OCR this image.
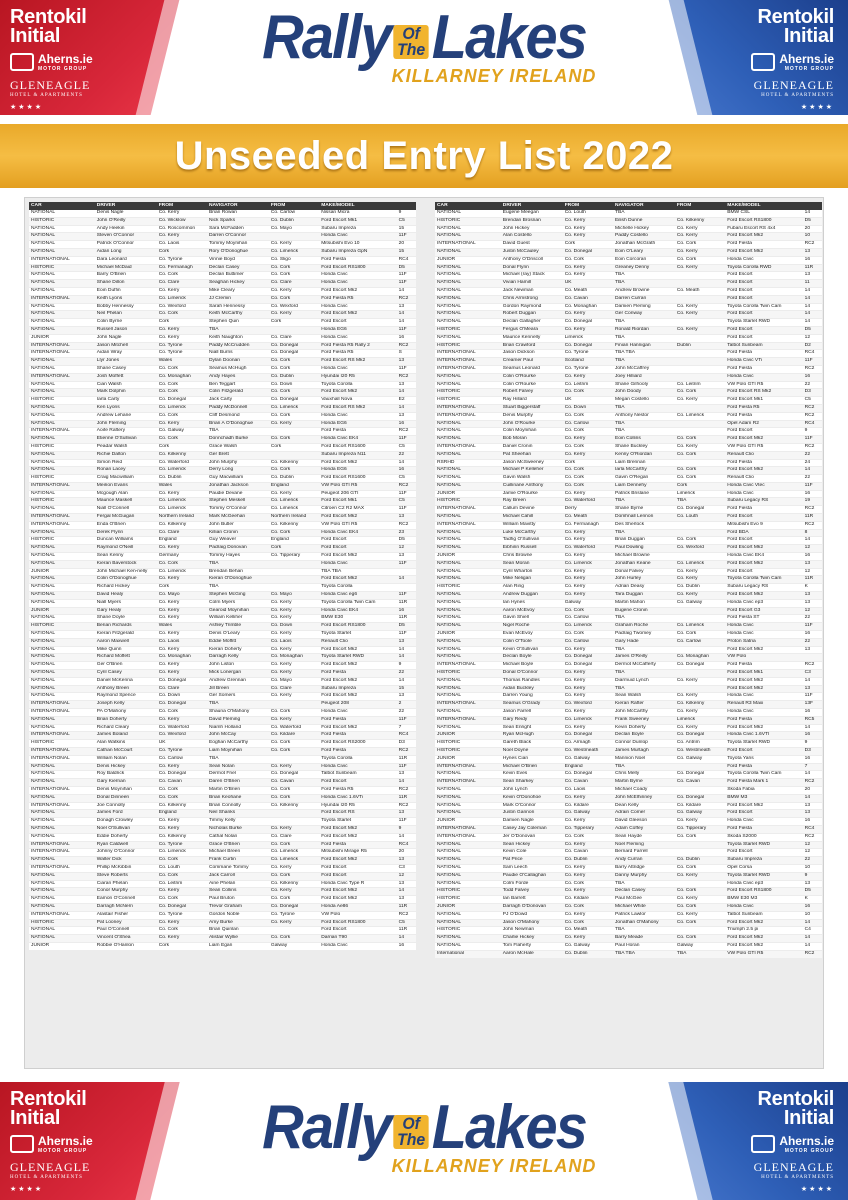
Rentokil
Initial
Aherns.ie
MOTOR GROUP
GLENEAGLE
HOTEL & APARTMENTS
★★★★
Rentokil
Initial
Aherns.ie
MOTOR GROUP
GLENEAGLE
HOTEL & APARTMENTS
★★★★
Rally Of
The Lakes
KILLARNEY IRELAND
Unseeded Entry List 2022
CAR	DRIVER	FROM	NAVIGATOR	FROM	MAKE/MODEL	
NATIONAL	Denis Nagle	Co. Kerry	Brian Rowan	Co. Carlow	Nissan Micra	9
HISTORIC	John O'Reilly	Co. Wicklow	Nick Sparks	Co. Dublin	Ford Escort Mk1	C5
NATIONAL	Andy Heekin	Co. Roscommon	Sara McFadden	Co. Mayo	Subaru Impreza	15
NATIONAL	Steven O'Connor	Co. Kerry	Darren O'Connor		Honda Civic	11F
NATIONAL	Patrick O'Connor	Co. Laois	Tommy Moynihan	Co. Kerry	Mitsubishi Evo 10	20
NATIONAL	Aidan Long	Cork	Rory O'Donoghue	Co. Limerick	Subaru Impreza GpN	15
INTERNATIONAL	Dara Leonard	Co. Tyrone	Vinnie Boyd	Co. Sligo	Ford Fiesta	RC4
HISTORIC	Michael McDaid	Co. Fermanagh	Declan Casey	Co. Cork	Ford Escort RS1800	D5
NATIONAL	Barry O'Brien	Co. Cork	Declan Buttimer	Co. Cork	Honda Civic	11F
NATIONAL	Shane Dillon	Co. Clare	Seaghán Hickey	Co. Clare	Honda Civic	11F
NATIONAL	Eoin Duffin	Co. Kerry	Mike Cleary	Co. Kerry	Ford Escort Mk2	14
INTERNATIONAL	Keith Lyons	Co. Limerick	JJ Cremin	Co. Cork	Ford Fiesta R5	RC2
NATIONAL	Bobby Hennessy	Co. Wexford	Sarah Hennessy	Co. Wexford	Honda Civic	13
NATIONAL	Neil Phelan	Co. Cork	Keith McCarthy	Co. Kerry	Ford Escort Mk2	14
NATIONAL	Colin Byrne	Cork	Stephen Quin	Cork	Ford Escort	14
NATIONAL	Russell Jason	Co. Kerry	TBA		Honda EG6	11F
JUNIOR	John Nagle	Co. Kerry	Keith Naughton	Co. Clare	Honda Civic	16
INTERNATIONAL	Jason Mitchell	Co. Tyrone	Paddy McCrudden	Co. Donegal	Ford Fiesta R5 Rally 2	RC2
INTERNATIONAL	Aidan Wray	Co. Tyrone	Niall Burns	Co. Donegal	Ford Fiesta R5	S
NATIONAL	Llyr Jones	Wales	Dylan Doonan	Co. Cork	Ford Escort RS Mk2	13
NATIONAL	Shane Casey	Co. Cork	Séamus McHugh	Co. Cork	Honda Civic	11F
INTERNATIONAL	Josh Moffett	Co. Monaghan	Andy Hayes	Co. Dublin	Hyundai I20 R5	RC2
NATIONAL	Cian Walsh	Co. Cork	Ben Teggart	Co. Down	Toyota Corolla	13
NATIONAL	Mark Dolphin	Co. Cork	Colin Fitzgerald	Co. Cork	Ford Escort Mk2	14
HISTORIC	Iarla Carty	Co. Donegal	Jack Carty	Co. Donegal	Vauxhall Nova	E2
NATIONAL	Ken Lyons	Co. Limerick	Paddy McDonnell	Co. Limerick	Ford Escort RS Mk2	14
NATIONAL	Andrew Lehane	Co. Cork	Cliff Desmond	Co. Cork	Honda Civic	13
NATIONAL	John Fleming	Co. Kerry	Brian A O'Donoghue	Co. Kerry	Honda EG6	16
INTERNATIONAL	Aoife Raftery	Co. Galway	TBA		Ford Fiesta	RC2
NATIONAL	Etienne O'Sullivan	Co. Cork	Donnchadh Burke	Co. Cork	Honda Civic EK4	11F
HISTORIC	Peadar Walsh	Cork	Grace Walsh	Cork	Ford Escort RS1600	C5
NATIONAL	Richie Dalton	Co. Kilkenny	Ger Brett		Subaru Impreza N11	22
NATIONAL	Simon Reid	Co. Waterford	John Murphy	Co. Kilkenny	Ford Escort Mk2	14
NATIONAL	Ronan Lacey	Co. Limerick	Derry Long	Co. Cork	Honda EG6	16
HISTORIC	Craig Macwilliam	Co. Dublin	Guy Macwilliam	Co. Dublin	Ford Escort RS1600	C5
INTERNATIONAL	Meirion Evans	Wales	Jonathan Jackson	England	VW Polo GTI R5	RC2
NATIONAL	Mcgough Alan	Co. Kerry	Paudie Devane	Co. Kerry	Peugeot 206 GTI	11F
HISTORIC	Maurice Maskell	Co. Limerick	Stephen Meskell	Co. Limerick	Ford Escort Mk1	C5
NATIONAL	Niall O'Connell	Co. Limerick	Tommy O'Connor	Co. Limerick	Citroen C2 R2 MAX	11F
INTERNATIONAL	Fergal McGuigan	Northern Ireland	Mark McGeehan	Northern Ireland	Ford Escort Mk2	13
INTERNATIONAL	Enda O'Brien	Co. Kilkenny	John Butler	Co. Kilkenny	VW Polo GTI R5	RC2
NATIONAL	Derek Flynn	Co. Clare	Killian Cronin	Co. Cork	Honda Civic EK4	23
HISTORIC	Duncan Williams	England	Guy Weaver	England	Ford Escort	D5
NATIONAL	Raymond O'Neill	Co. Kerry	Padraig Donovan	Cork	Ford Escort	12
NATIONAL	Sean Kenny	Germany	Tommy Hayes	Co. Tipperary	Ford Escort Mk2	13
NATIONAL	Kieran Baverstock	Co. Cork	TBA		Honda Civic	11F
JUNIOR	John Michael Ken-nelly	Co. Limerick	Brendan Behan		TBA TBA	
NATIONAL	Colin O'Donoghue	Co. Kerry	Kieran O'Donoghue		Ford Escort Mk2	14
NATIONAL	Richard Hickey	Cork	TBA		Toyota Corolla	
NATIONAL	David Healy	Co. Mayo	Stephen McGing	Co. Mayo	Honda Civic eg6	11F
NATIONAL	Niall Myers	Co. Kerry	Colm Myers	Co. Kerry	Toyota Corolla Twin Cam	11R
JUNIOR	Gary Healy	Co. Kerry	Gearoid Moynihan	Co. Kerry	Honda Civic EK4	16
NATIONAL	Shane Doyle	Co. Kerry	William Kelliher	Co. Kerry	BMW E30	11R
HISTORIC	Berian Richards	Wales	Ashley Trimble	Co. Down	Ford Escort RS1800	D5
NATIONAL	Kieran Fitzgerald	Co. Kerry	Denis O'Leary	Co. Kerry	Toyota Starlet	11F
NATIONAL	Aaron Maxwell	Co. Laois	Eddie Moffitt	Co. Laois	Renault Clio	13
NATIONAL	Mike Quinn	Co. Kerry	Kieran Doherty	Co. Kerry	Ford Escort Mk2	14
NATIONAL	Richard Moffett	Co. Monaghan	Darragh Kelly	Co. Monaghan	Toyota Starlet RWD	14
NATIONAL	Ger O'Brien	Co. Kerry	John Liston	Co. Kerry	Ford Escort Mk2	9
NATIONAL	Cyril Casey	Co. Kerry	Mick Lonergan	Co. Kerry	Ford Fiesta	22
NATIONAL	Daniel McKenna	Co. Donegal	Andrew Grennan	Co. Mayo	Ford Escort Mk2	14
NATIONAL	Anthony Breen	Co. Clare	Jill Breen	Co. Clare	Subaru Impreza	15
NATIONAL	Raymond Spence	Co. Down	Ger Somers	Co. Kerry	Ford Escort Mk2	13
INTERNATIONAL	Joseph Kelly	Co. Donegal	TBA		Peugeot 208	2
INTERNATIONAL	PA O'Mahony	Co. Cork	Shauna O'Mahony	Co. Cork	Honda Civic	22
NATIONAL	Brian Doherty	Co. Kerry	David Fleming	Co. Kerry	Ford Fiesta	11F
NATIONAL	Richard Cleary	Co. Waterford	Niamh Holland	Co. Waterford	Ford Escort Mk2	7
INTERNATIONAL	James Boland	Co. Wexford	John McCay	Co. Kildare	Ford Fiesta	RC4
HISTORIC	Alan Watkins	UK	Eoghan McCarthy	Co. Cork	Ford Escort RS2000	D3
INTERNATIONAL	Cathan McCourt	Co. Tyrone	Liam Moynihan	Co. Cork	Ford Fiesta	RC2
INTERNATIONAL	William Nolan	Co. Carlow	TBA		Toyota Corolla	11R
NATIONAL	Denis Hickey	Co. Kerry	Sean Nolan	Co. Kerry	Honda Civic	11F
NATIONAL	Roy Baldrick	Co. Donegal	Dermot Friel	Co. Donegal	Talbot Sunbeam	13
NATIONAL	Gary Kiernan	Co. Cavan	Daren O'Brien	Co. Cavan	Ford Escort	14
INTERNATIONAL	Denis Moynihan	Co. Cork	Martin O'Brien	Co. Cork	Ford Fiesta R5	RC2
NATIONAL	Donal Dinneen	Co. Cork	Brian Keohane	Co. Cork	Honda Civic 1.6VTi	11R
INTERNATIONAL	Joe Connolly	Co. Kilkenny	Brian Connolly	Co. Kilkenny	Hyundai I20 R5	RC2
NATIONAL	James Ford	England	Neil Shanks		Ford Escort RS	13
NATIONAL	Donagh Crowley	Co. Kerry	Timmy Kelly		Toyota Starlet	11F
NATIONAL	Noel O'Sullivan	Co. Kerry	Nicholas Burke	Co. Kerry	Ford Escort Mk2	9
NATIONAL	Eddie Doherty	Co. Kilkenny	Cathal Nolan	Co. Clare	Ford Escort Mk2	14
INTERNATIONAL	Ryan Caldwell	Co. Tyrone	Grace O'Brien	Co. Cork	Ford Fiesta	RC4
INTERNATIONAL	Johnny O'Connor	Co. Limerick	Michael Breen	Co. Limerick	Mitsubishi Mirage R5	20
NATIONAL	Walter Dick	Co. Cork	Frank Curtin	Co. Limerick	Ford Escort Mk2	13
INTERNATIONAL	Phillip McKibbin	Co. Louth	Commane Tommy	Co. Kerry	Ford Escort	C3
NATIONAL	Steve Roberts	Co. Cork	Jack Carroll	Co. Cork	Ford Escort	12
NATIONAL	Ciaran Phelan	Co. Leitrim	Aine Phelan	Co. Kilkenny	Honda Civic Type R	13
NATIONAL	Conor Murphy	Co. Kerry	Sean Collins	Co. Kerry	Ford Escort Mk2	14
NATIONAL	Eamon O'Connell	Co. Cork	Paul Bruton	Co. Cork	Ford Escort Mk2	13
NATIONAL	Darragh McNern	Co. Donegal	Trevor Graham	Co. Donegal	Honda Ae86	11R
INTERNATIONAL	Alastair Fisher	Co. Tyrone	Gordon Noble	Co. Tyrone	VW Polo	RC2
HISTORIC	Pat Looney	Co. Kerry	Amy Burke	Co. Kerry	Ford Escort RS1800	C5
NATIONAL	Paul O'Connell	Co. Cork	Brian Quinlan		Ford Escort	11R
NATIONAL	Vincent O'Shea	Co. Kerry	Alistair Wyllie	Co. Cork	Darrian T90	14
JUNIOR	Robbie O'Hanlon	Cork	Liam Egan	Galway	Honda Civic	16
CAR	DRIVER	FROM	NAVIGATOR	FROM	MAKE/MODEL	
NATIONAL	Eugene Meegan	Co. Louth	TBA		BMW CSL	14
HISTORIC	Brendan Brosnan	Co. Kerry	Eilish Dunne	Co. Kilkenny	Ford Escort RS1800	D5
NATIONAL	John Hickey	Co. Kerry	Michelle Hickey	Co. Kerry	Fubaru Escort RS 4x4	20
NATIONAL	Alan Costello	Co. Kerry	Paddy Costello	Co. Kerry	Ford Escort Mk2	10
INTERNATIONAL	David Guest	Cork	Jonathan McGrath	Co. Cork	Ford Fiesta	RC2
NATIONAL	Justin McCauley	Co. Donegal	Eoin O'Leary	Co. Kerry	Ford Escort Mk2	13
JUNIOR	Anthony O'Driscoll	Co. Cork	Eoin Corcoran	Co. Cork	Honda Civic	16
NATIONAL	Donal Flynn	Co. Kerry	Greaney Denny	Co. Kerry	Toyota Corolla RWD	11R
NATIONAL	Michael (ray) Stack	Co. Kerry	TBA		Ford Escort	13
NATIONAL	Vivian Hamill	UK	TBA		Ford Escort	11
NATIONAL	Jack Newman	Co. Meath	Andrew Browne	Co. Meath	Ford Escort	14
NATIONAL	Chris Armstrong	Co. Cavan	Darren Curran		Ford Escort	14
NATIONAL	Gordon Raymond	Co. Monaghan	Damien Fleming	Co. Kerry	Toyota Corolla Twin Cam	14
NATIONAL	Robert Duggan	Co. Kerry	Ger Conway	Co. Kerry	Ford Escort	14
NATIONAL	Declan Gallagher	Co. Donegal	TBA		Toyota Starlet RWD	14
HISTORIC	Fergus O'Meara	Co. Kerry	Ronald Riordan	Co. Kerry	Ford Escort	D5
NATIONAL	Maurice Kennelly	Limerick	TBA		Ford Escort	12
HISTORIC	Brian Crawford	Co. Donegal	Finian Hannigan	Dublin	Talbot Sunbeam	D2
INTERNATIONAL	Jason Dickson	Co. Tyrone	TBA TBA		Ford Fiesta	RC4
INTERNATIONAL	Creamer Paul	Scotland	TBA		Honda Civic VTi	11F
INTERNATIONAL	Seamus Leonard	Co. Tyrone	John McCaffrey		Ford Fiesta	RC2
NATIONAL	Colin O'Rourke	Co. Kerry	Joey Hilliard		Honda Civic	16
NATIONAL	Colin O'Rourke	Co. Leitrim	Shane Gilhooly	Co. Leitrim	VW Polo GTI R5	22
HISTORIC	Robert Falvey	Co. Cork	John Doody	Co. Cork	Ford Escort RS Mk2	D3
HISTORIC	Ray Hillard	UK	Megan Costello	Co. Kerry	Ford Escort Mk1	C5
INTERNATIONAL	Stuart Biggerstaff	Co. Down	TBA		Ford Fiesta R5	RC2
INTERNATIONAL	Denis Murphy	Co. Cork	Anthony Nestor	Co. Limerick	Ford Fiesta	RC2
NATIONAL	John O'Rourke	Co. Carlow	TBA		Opel Adam R2	RC4
NATIONAL	Colin Moynihan	Co. Cork	TBA		Ford Escort	9
NATIONAL	Bob Moran	Co. Kerry	Eoin Collins	Co. Cork	Ford Escort Mk2	11F
INTERNATIONAL	Daniel Cronin	Co. Cork	Shane Buckley	Co. Kerry	VW Polo GTI R5	RC2
NATIONAL	Pat Sheehan	Co. Kerry	Kenny O'Riordan	Co. Cork	Renault Clio	22
RSRHD	Jason McSweeney	Cork	Liam Brennan		Ford Fiesta	24
NATIONAL	Michael P Kelleher	Co. Cork	Iarla McCarthy	Co. Cork	Ford Escort Mk2	14
NATIONAL	Gavin Walsh	Co. Cork	Gavin O'Regan	Co. Cork	Renault Clio	22
NATIONAL	Cuillinane Anthony	Co. Cork	Liam Dennehy	Cork	Honda Civic Vtec	11F
JUNIOR	Jamie O'Rourke	Co. Kerry	Patrick Brislane	Limerick	Honda Civic	16
HISTORIC	Ray Breen	Co. Waterford	TBA	TBA	Subaru Legacy RS	19
INTERNATIONAL	Callum Devine	Derry	Shane Byrne	Co. Donegal	Ford Fiesta	RC2
NATIONAL	Michael Cahill	Co. Meath	Domhnall Lennon	Co. Louth	Ford Escort	11R
INTERNATIONAL	William Mavitty	Co. Fermanagh	Des Sherlock		Mitsubishi Evo 9	RC2
NATIONAL	Luke McCarthy	Co. Kerry	TBA		Ford BDA	8
NATIONAL	Tadhg O'Sullivan	Co. Kerry	Brian Duggan	Co. Cork	Ford Escort	14
NATIONAL	Eibhinn Russell	Co. Waterford	Paul Dowling	Co. Wexford	Ford Escort Mk2	12
JUNIOR	Chris Browne	Co. Kerry	Michael Browne		Honda Civic EK4	16
NATIONAL	Sean Moran	Co. Limerick	Jonathan Keane	Co. Limerick	Ford Escort Mk2	13
NATIONAL	Cyril Wharton	Co. Kerry	Donal Falvey	Co. Kerry	Ford Escort	12
NATIONAL	Mike Neligan	Co. Kerry	John Hurley	Co. Kerry	Toyota Corolla Twin Cam	11R
HISTORIC	Alan Ring	Co. Kerry	Adrian Deasy	Co. Dublin	Subaru Legacy RS	K
NATIONAL	Andrew Duggan	Co. Kerry	Tara Duggan	Co. Kerry	Ford Escort Mk2	13
NATIONAL	Ian Hynes	Galway	Martin Mahon	Co. Galway	Honda Civic ep3	13
NATIONAL	Aaron McEvoy	Co. Cork	Eugene Cronin		Ford Escort G3	12
NATIONAL	Gavin Shiell	Co. Carlow	TBA		Ford Fiesta ST	22
NATIONAL	Nigel Roche	Co. Limerick	Graham Roche	Co. Limerick	Honda Civic	11F
JUNIOR	Evan McEvoy	Co. Cork	Padraig Twomey	Co. Cork	Honda Civic	16
NATIONAL	Colin O'Toole	Co. Carlow	Gary Hade	Co. Carlow	Proton Satria	22
NATIONAL	Kevin O'Sullivan	Co. Kerry	TBA		Ford Escort Mk2	13
NATIONAL	Declan Boyle	Co. Donegal	James O'Reilly	Co. Monaghan	VW Polo	
INTERNATIONAL	Michael Boyle	Co. Donegal	Dermot McCafferty	Co. Donegal	Ford Fiesta	RC2
HISTORIC	Donal O'Connor	Co. Kerry	TBA		Ford Escort Mk1	C3
NATIONAL	Thomas Randles	Co. Kerry	Diarmuid Lynch	Co. Kerry	Ford Escort Mk2	14
NATIONAL	Aidan Buckley	Co. Kerry	TBA		Ford Escort Mk2	13
NATIONAL	Darren Young	Co. Kerry	Sean Walsh	Co. Kerry	Honda Civic	11F
INTERNATIONAL	Seamus O'Grady	Co. Wexford	Kieran Rafter	Co. Kilkenny	Renault R3 Maxi	13F
NATIONAL	Jason Farrell	Co. Kerry	John McCarthy	Co. Kerry	Honda Civic	16
INTERNATIONAL	Gary Reidy	Co. Limerick	Frank Sweeney	Limerick	Ford Fiesta	RC5
NATIONAL	Sean Enright	Co. Kerry	Kevin Doherty	Co. Kerry	Ford Escort Mk2	14
JUNIOR	Ryan McHugh	Co. Donegal	Declan Boyle	Co. Donegal	Honda Civic 1.6VTI	16
HISTORIC	Gareth Black	Co. Armagh	Connor Dunlop	Co. Antrim	Toyota Starlet RWD	9
HISTORIC	Noel Doyne	Co. Westmeath	James Murtagh	Co. Westmeath	Ford Escort	D3
JUNIOR	Hynes Cian	Co. Galway	Mannion Noel	Co. Galway	Toyota Yaris	16
INTERNATIONAL	Michael O'Brien	England	TBA		Ford Fiesta	7
NATIONAL	Kevin Eves	Co. Donegal	Chris Melly	Co. Donegal	Toyota Corolla Twin Cam	14
INTERNATIONAL	Sean Sharkey	Co. Cavan	Martin Byrne	Co. Cavan	Ford Fiesta Mark 1	RC2
NATIONAL	John Lynch	Co. Laois	Michael Coady		Skoda Fabia	20
NATIONAL	Kevin O'Donohoe	Co. Kerry	John McElhinney	Co. Donegal	BMW M3	14
NATIONAL	Mark O'Connor	Co. Kildare	Dean Kelly	Co. Kildare	Ford Escort Mk2	13
NATIONAL	Justin Gannon	Co. Galway	Adrain Comer	Co. Galway	Ford Escort	13
JUNIOR	Damien Nagle	Co. Kerry	David Gleeson	Co. Kerry	Honda Civic	16
INTERNATIONAL	Casey Jay Coleman	Co. Tipperary	Adam Coffey	Co. Tipperary	Ford Fiesta	RC4
INTERNATIONAL	Jer O'Donovan	Co. Cork	Sean Hayde	Co. Cork	Skoda S2000	RC2
NATIONAL	Sean Hickey	Co. Kerry	Noel Fleming		Toyota Starlet RWD	12
NATIONAL	Kevin Cole	Co. Cavan	Bernard Farrell		Ford Escort	12
NATIONAL	Pat Price	Co. Dublin	Andy Curran	Co. Dublin	Subaru Impreza	22
NATIONAL	Sam Leech	Co. Kerry	Barry Attridge	Co. Cork	Opel Corsa	10
NATIONAL	Paudie O'Callaghan	Co. Kerry	Danny Murphy	Co. Kerry	Toyota Starlet RWD	9
NATIONAL	Colm Forde	Co. Cork	TBA		Honda Civic ep3	13
HISTORIC	Todd Falvey	Co. Kerry	Declan Casey	Co. Cork	Ford Escort RS1800	D5
HISTORIC	Ian Barrett	Co. Kildare	Paul McGee	Co. Kerry	BMW E30 M3	K
JUNIOR	Darragh O'Donovan	Co. Cork	Michael White	Co. Cork	Honda Civic	16
NATIONAL	PJ O'Dowd	Co. Kerry	Patrick Lawlor	Co. Kerry	Talbot Sunbeam	10
NATIONAL	Jason O'Mahony	Co. Cork	Jonathan O'Mahony	Co. Cork	Ford Escort Mk2	14
HISTORIC	John Newman	Co. Meath	TBA		Triumph 2.5 pi	C4
NATIONAL	Charlie Hickey	Co. Kerry	Barry Meade	Co. Cork	Ford Escort Mk2	14
NATIONAL	Tom Flaherty	Co. Galway	Paul Horan	Galway	Ford Escort Mk2	14
International	Aaron McHale	Co. Dublin	TBA TBA	TBA	VW Polo GTI R5	RC2
Rentokil
Initial
Aherns.ie
MOTOR GROUP
GLENEAGLE
HOTEL & APARTMENTS
★★★★
Rentokil
Initial
Aherns.ie
MOTOR GROUP
GLENEAGLE
HOTEL & APARTMENTS
★★★★
Rally Of
The Lakes
KILLARNEY IRELAND
